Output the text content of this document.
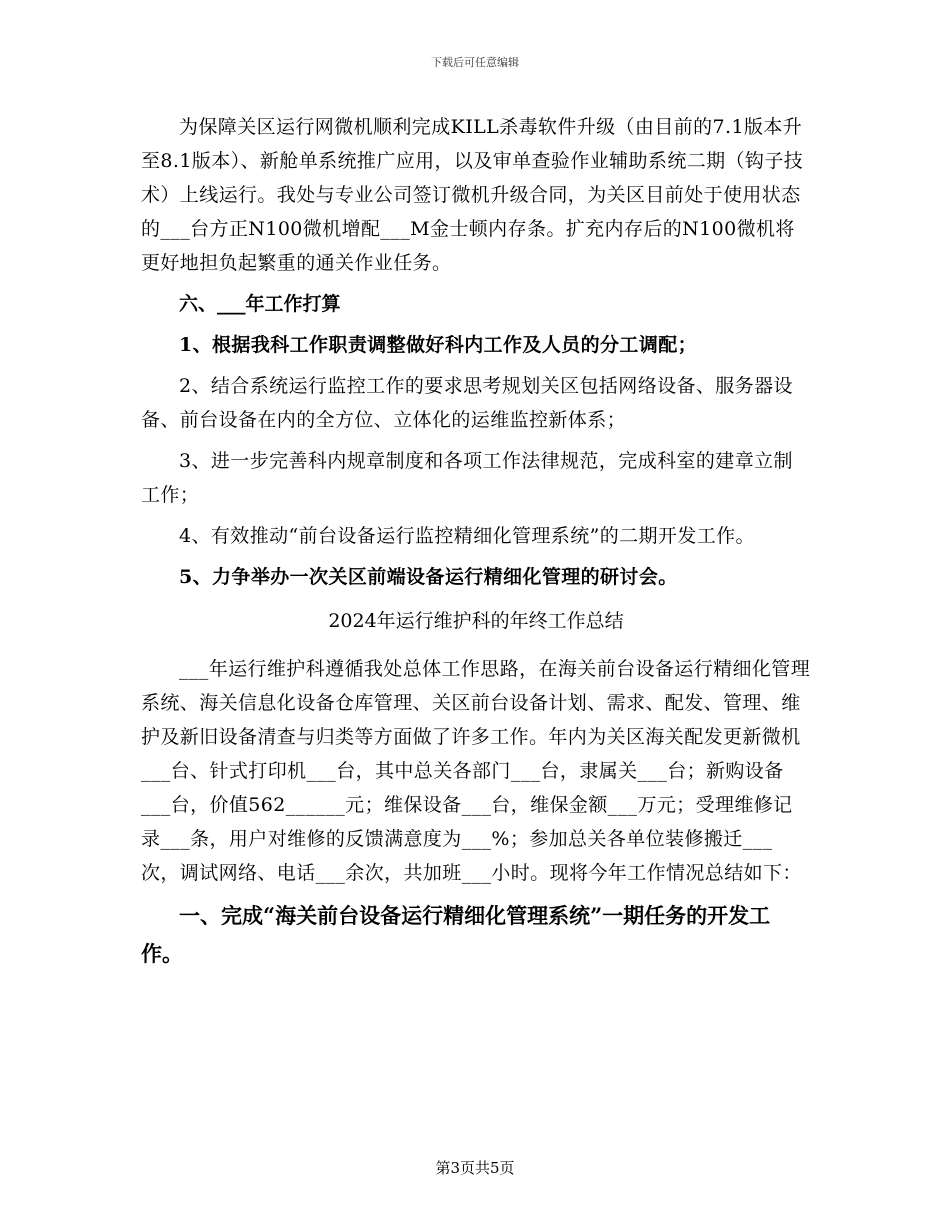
下载后可任意编辑

为保障关区运行网微机顺利完成KILL杀毒软件升级（由目前的7.1版本升至8.1版本）、新舱单系统推广应用，以及审单查验作业辅助系统二期（钩子技术）上线运行。我处与专业公司签订微机升级合同，为关区目前处于使用状态的___台方正N100微机增配___M金士顿内存条。扩充内存后的N100微机将更好地担负起繁重的通关作业任务。

六、___年工作打算

1、根据我科工作职责调整做好科内工作及人员的分工调配；

2、结合系统运行监控工作的要求思考规划关区包括网络设备、服务器设备、前台设备在内的全方位、立体化的运维监控新体系；

3、进一步完善科内规章制度和各项工作法律规范，完成科室的建章立制工作；

4、有效推动“前台设备运行监控精细化管理系统”的二期开发工作。

5、力争举办一次关区前端设备运行精细化管理的研讨会。

2024年运行维护科的年终工作总结

___年运行维护科遵循我处总体工作思路，在海关前台设备运行精细化管理系统、海关信息化设备仓库管理、关区前台设备计划、需求、配发、管理、维护及新旧设备清查与归类等方面做了许多工作。年内为关区海关配发更新微机___台、针式打印机___台，其中总关各部门___台，隶属关___台；新购设备___台，价值562______元；维保设备___台，维保金额___万元；受理维修记录___条，用户对维修的反馈满意度为___%；参加总关各单位装修搬迁___次，调试网络、电话___余次，共加班___小时。现将今年工作情况总结如下：

一、完成“海关前台设备运行精细化管理系统”一期任务的开发工作。

第3页共5页
